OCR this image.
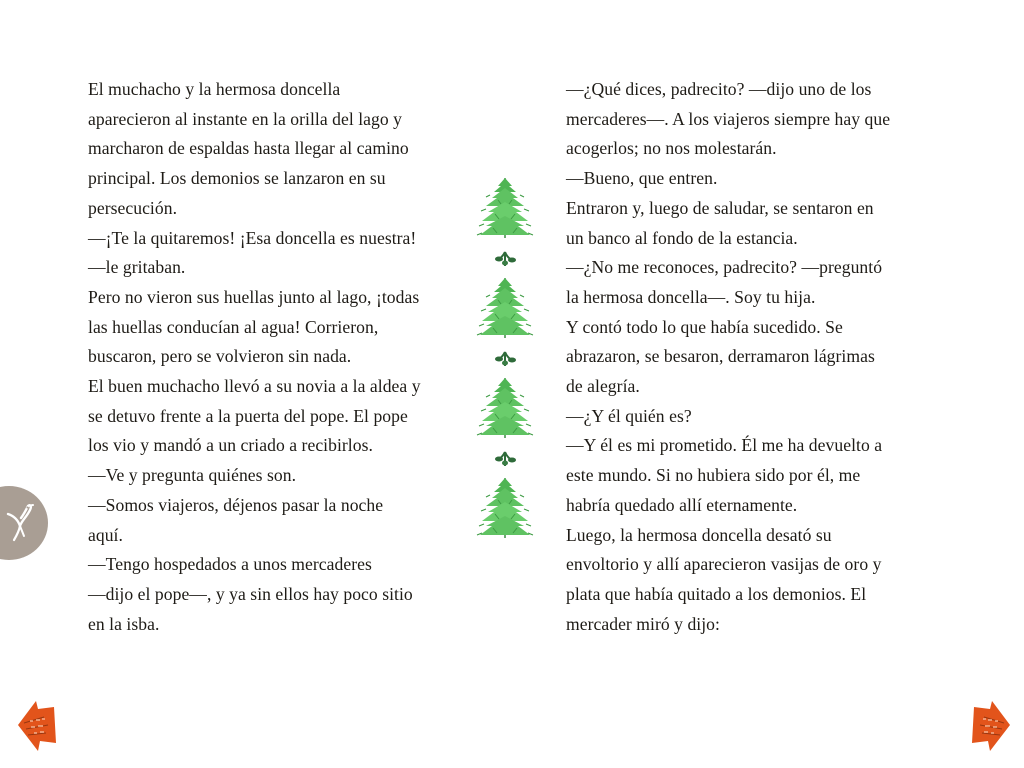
El muchacho y la hermosa doncella

aparecieron al instante en la orilla del lago y

marcharon de espaldas hasta llegar al camino

principal. Los demonios se lanzaron en su

persecución.

—¡Te la quitaremos! ¡Esa doncella es nuestra!

—le gritaban.

Pero no vieron sus huellas junto al lago, ¡todas

las huellas conducían al agua! Corrieron,

buscaron, pero se volvieron sin nada.

El buen muchacho llevó a su novia a la aldea y

se detuvo frente a la puerta del pope. El pope

los vio y mandó a un criado a recibirlos.

—Ve y pregunta quiénes son.

—Somos viajeros, déjenos pasar la noche

aquí.

—Tengo hospedados a unos mercaderes

—dijo el pope—, y ya sin ellos hay poco sitio

en la isba.

—¿Qué dices, padrecito? —dijo uno de los

mercaderes—. A los viajeros siempre hay que

acogerlos; no nos molestarán.

—Bueno, que entren.

Entraron y, luego de saludar, se sentaron en

un banco al fondo de la estancia.

—¿No me reconoces, padrecito? —preguntó

la hermosa doncella—. Soy tu hija.

Y contó todo lo que había sucedido. Se

abrazaron, se besaron, derramaron lágrimas

de alegría.

—¿Y él quién es?

—Y él es mi prometido. Él me ha devuelto a

este mundo. Si no hubiera sido por él, me

habría quedado allí eternamente.

Luego, la hermosa doncella desató su

envoltorio y allí aparecieron vasijas de oro y

plata que había quitado a los demonios. El

mercader miró y dijo:
